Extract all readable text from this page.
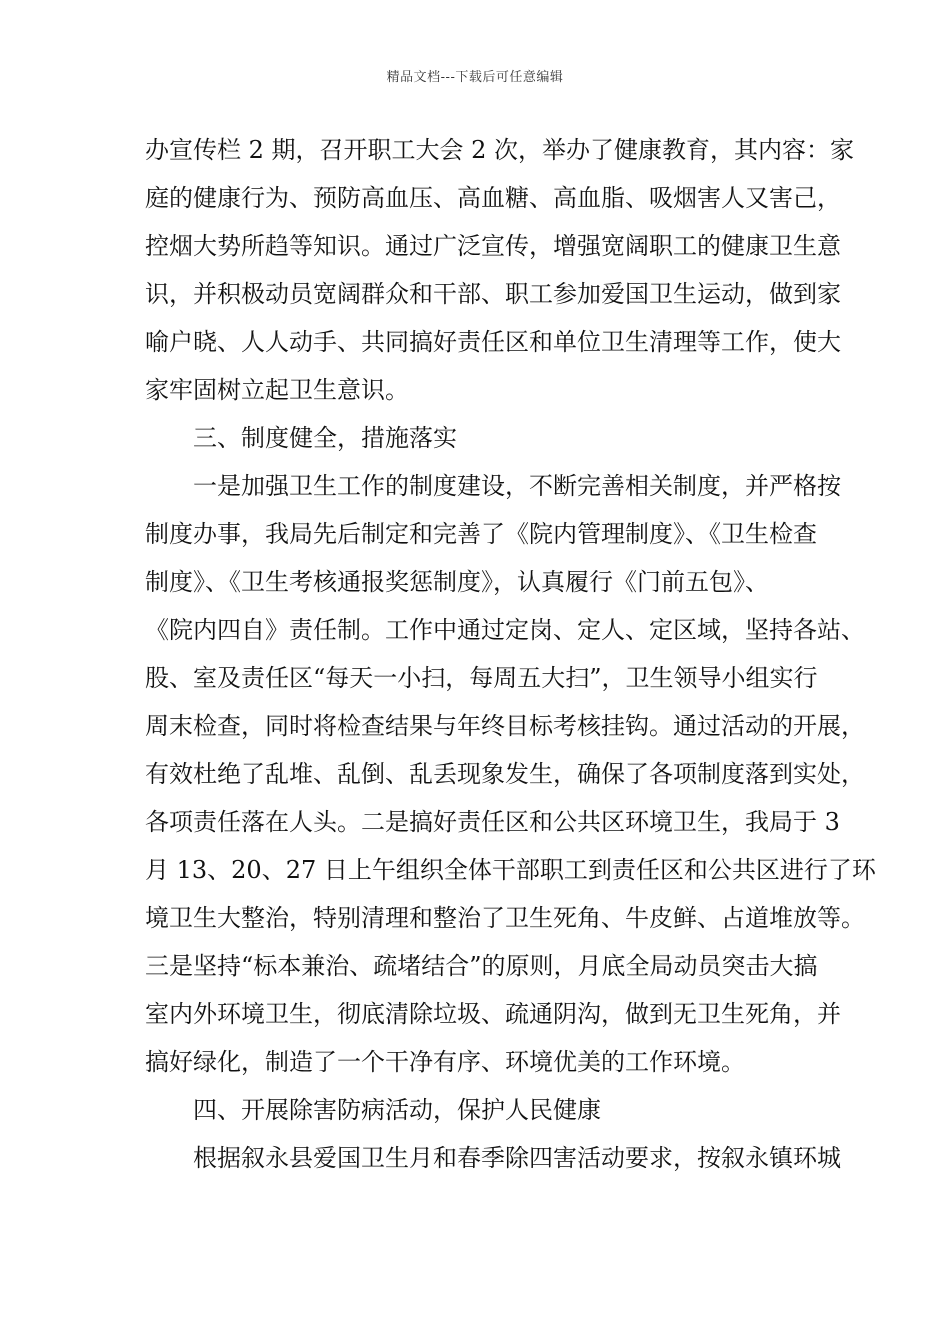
精品文档---下载后可任意编辑
办宣传栏 2 期，召开职工大会 2 次，举办了健康教育，其内容：家
庭的健康行为、预防高血压、高血糖、高血脂、吸烟害人又害己，
控烟大势所趋等知识。通过广泛宣传，增强宽阔职工的健康卫生意
识，并积极动员宽阔群众和干部、职工参加爱国卫生运动，做到家
喻户晓、人人动手、共同搞好责任区和单位卫生清理等工作，使大
家牢固树立起卫生意识。
三、制度健全，措施落实
一是加强卫生工作的制度建设，不断完善相关制度，并严格按
制度办事，我局先后制定和完善了《院内管理制度》、《卫生检查
制度》、《卫生考核通报奖惩制度》，认真履行《门前五包》、
《院内四自》责任制。工作中通过定岗、定人、定区域，坚持各站、
股、室及责任区“每天一小扫，每周五大扫”，卫生领导小组实行
周末检查，同时将检查结果与年终目标考核挂钩。通过活动的开展，
有效杜绝了乱堆、乱倒、乱丢现象发生，确保了各项制度落到实处，
各项责任落在人头。二是搞好责任区和公共区环境卫生，我局于 3
月 13、20、27 日上午组织全体干部职工到责任区和公共区进行了环
境卫生大整治，特别清理和整治了卫生死角、牛皮鲜、占道堆放等。
三是坚持“标本兼治、疏堵结合”的原则，月底全局动员突击大搞
室内外环境卫生，彻底清除垃圾、疏通阴沟，做到无卫生死角，并
搞好绿化，制造了一个干净有序、环境优美的工作环境。
四、开展除害防病活动，保护人民健康
根据叙永县爱国卫生月和春季除四害活动要求，按叙永镇环城
